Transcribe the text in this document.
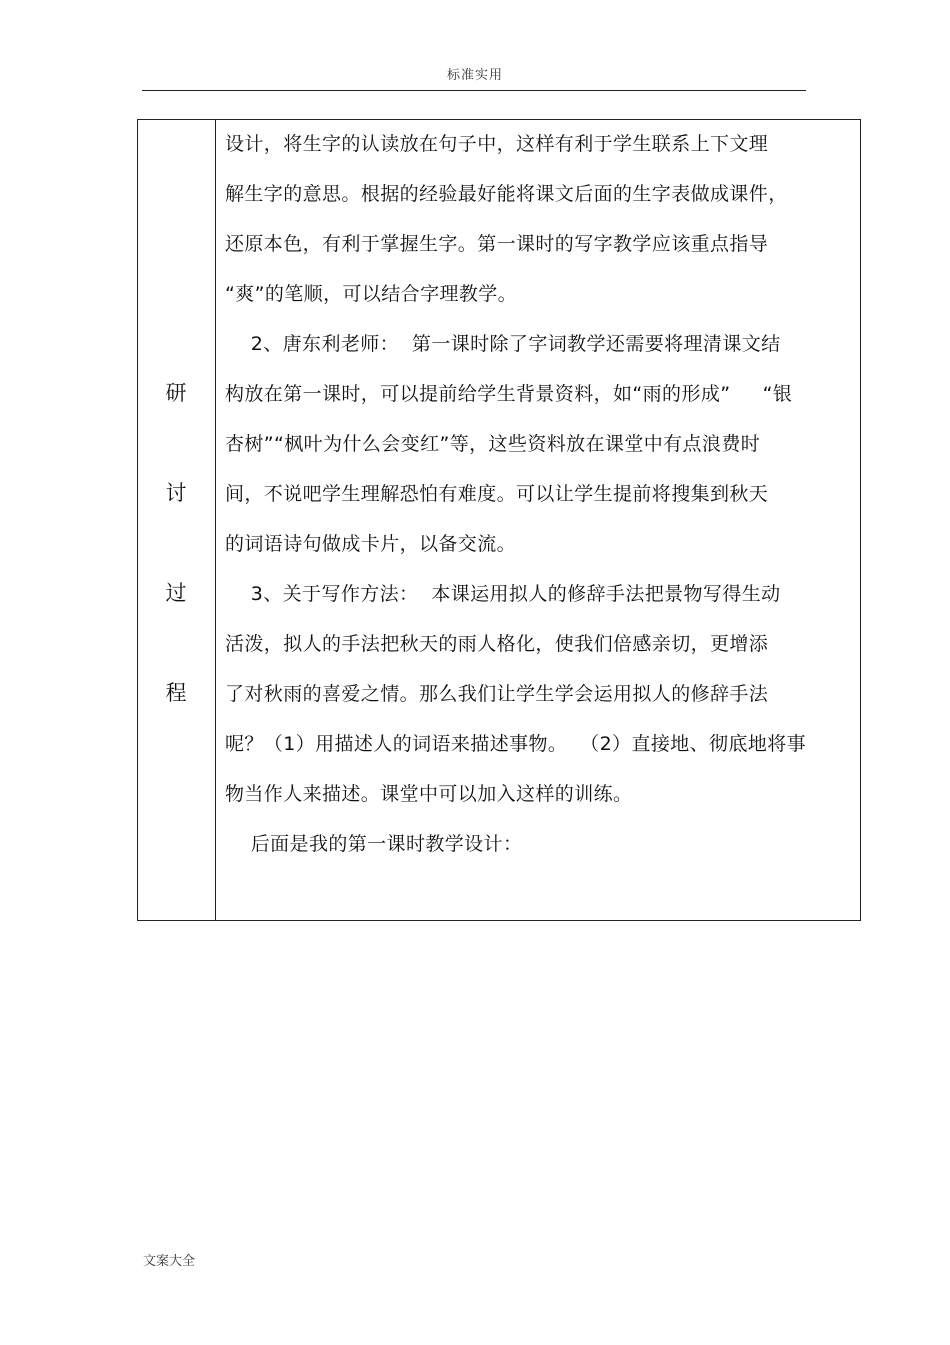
标准实用
研
讨
过
程
设计，将生字的认读放在句子中，这样有利于学生联系上下文理
解生字的意思。根据的经验最好能将课文后面的生字表做成课件，
还原本色，有利于掌握生字。第一课时的写字教学应该重点指导
“爽”的笔顺，可以结合字理教学。
2、唐东利老师：  第一课时除了字词教学还需要将理清课文结
构放在第一课时，可以提前给学生背景资料，如“雨的形成”     “银
杏树”“枫叶为什么会变红”等，这些资料放在课堂中有点浪费时
间，不说吧学生理解恐怕有难度。可以让学生提前将搜集到秋天
的词语诗句做成卡片，以备交流。
3、关于写作方法：  本课运用拟人的修辞手法把景物写得生动
活泼，拟人的手法把秋天的雨人格化，使我们倍感亲切，更增添
了对秋雨的喜爱之情。那么我们让学生学会运用拟人的修辞手法
呢？（1）用描述人的词语来描述事物。  （2）直接地、彻底地将事
物当作人来描述。课堂中可以加入这样的训练。
后面是我的第一课时教学设计：
文案大全
